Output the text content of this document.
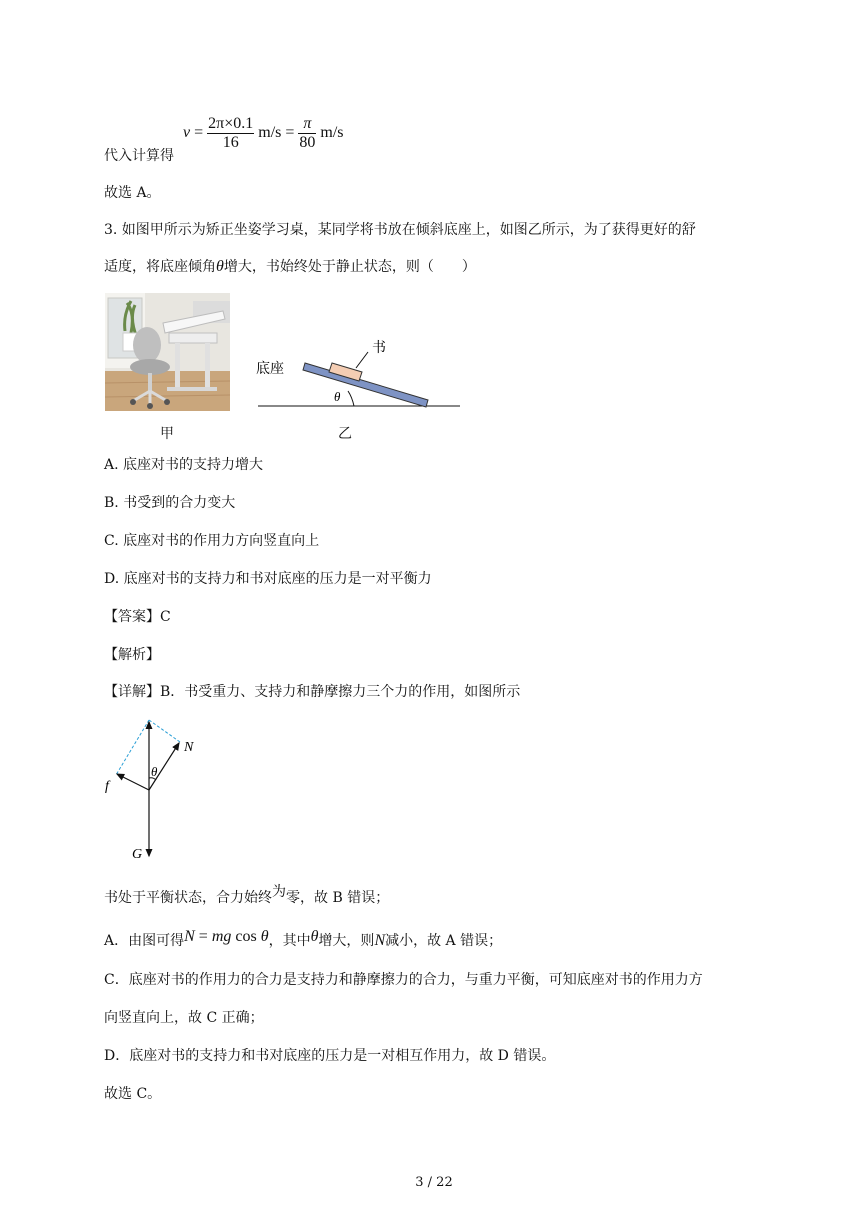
代入计算得
$v = \frac{2\pi\times 0.1}{16} m/s = \frac{\pi}{80} m/s$
故选 A。
3. 如图甲所示为矫正坐姿学习桌，某同学将书放在倾斜底座上，如图乙所示，为了获得更好的舒
适度，将底座倾角θ增大，书始终处于静止状态，则（　　）
甲
书
底座
θ
乙
A. 底座对书的支持力增大
B. 书受到的合力变大
C. 底座对书的作用力方向竖直向上
D. 底座对书的支持力和书对底座的压力是一对平衡力
【答案】C
【解析】
【详解】B．书受重力、支持力和静摩擦力三个力的作用，如图所示
N
f
G
θ
书处于平衡状态，合力始终为零，故 B 错误；
A．由图可得N = mg cos θ，其中θ增大，则N减小，故 A 错误；
C．底座对书的作用力的合力是支持力和静摩擦力的合力，与重力平衡，可知底座对书的作用力方
向竖直向上，故 C 正确；
D．底座对书的支持力和书对底座的压力是一对相互作用力，故 D 错误。
故选 C。
3 / 22
